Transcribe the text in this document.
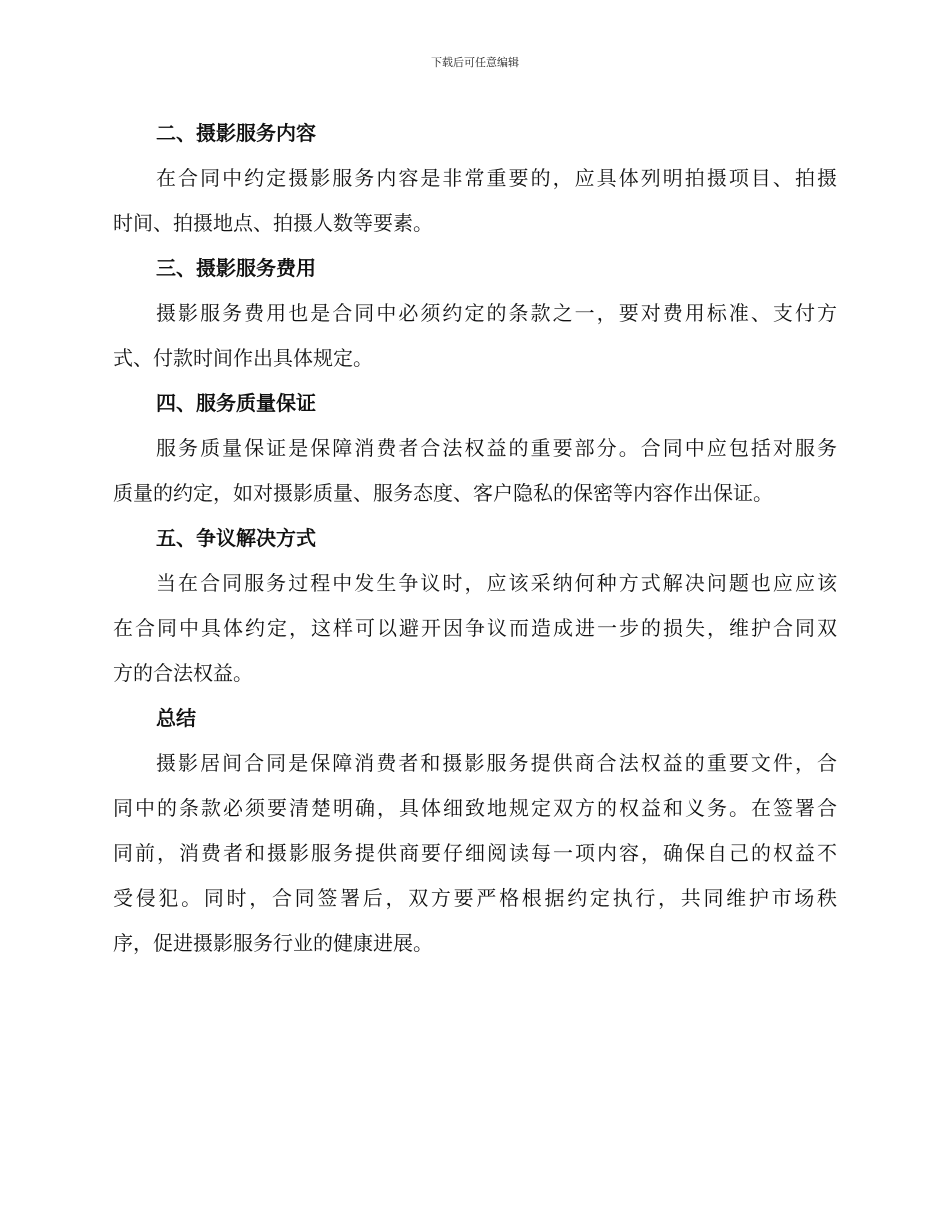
下载后可任意编辑
二、摄影服务内容
在合同中约定摄影服务内容是非常重要的，应具体列明拍摄项目、拍摄
时间、拍摄地点、拍摄人数等要素。
三、摄影服务费用
摄影服务费用也是合同中必须约定的条款之一，要对费用标准、支付方
式、付款时间作出具体规定。
四、服务质量保证
服务质量保证是保障消费者合法权益的重要部分。合同中应包括对服务
质量的约定，如对摄影质量、服务态度、客户隐私的保密等内容作出保证。
五、争议解决方式
当在合同服务过程中发生争议时，应该采纳何种方式解决问题也应应该
在合同中具体约定，这样可以避开因争议而造成进一步的损失，维护合同双
方的合法权益。
总结
摄影居间合同是保障消费者和摄影服务提供商合法权益的重要文件，合
同中的条款必须要清楚明确，具体细致地规定双方的权益和义务。在签署合
同前，消费者和摄影服务提供商要仔细阅读每一项内容，确保自己的权益不
受侵犯。同时，合同签署后，双方要严格根据约定执行，共同维护市场秩
序，促进摄影服务行业的健康进展。
